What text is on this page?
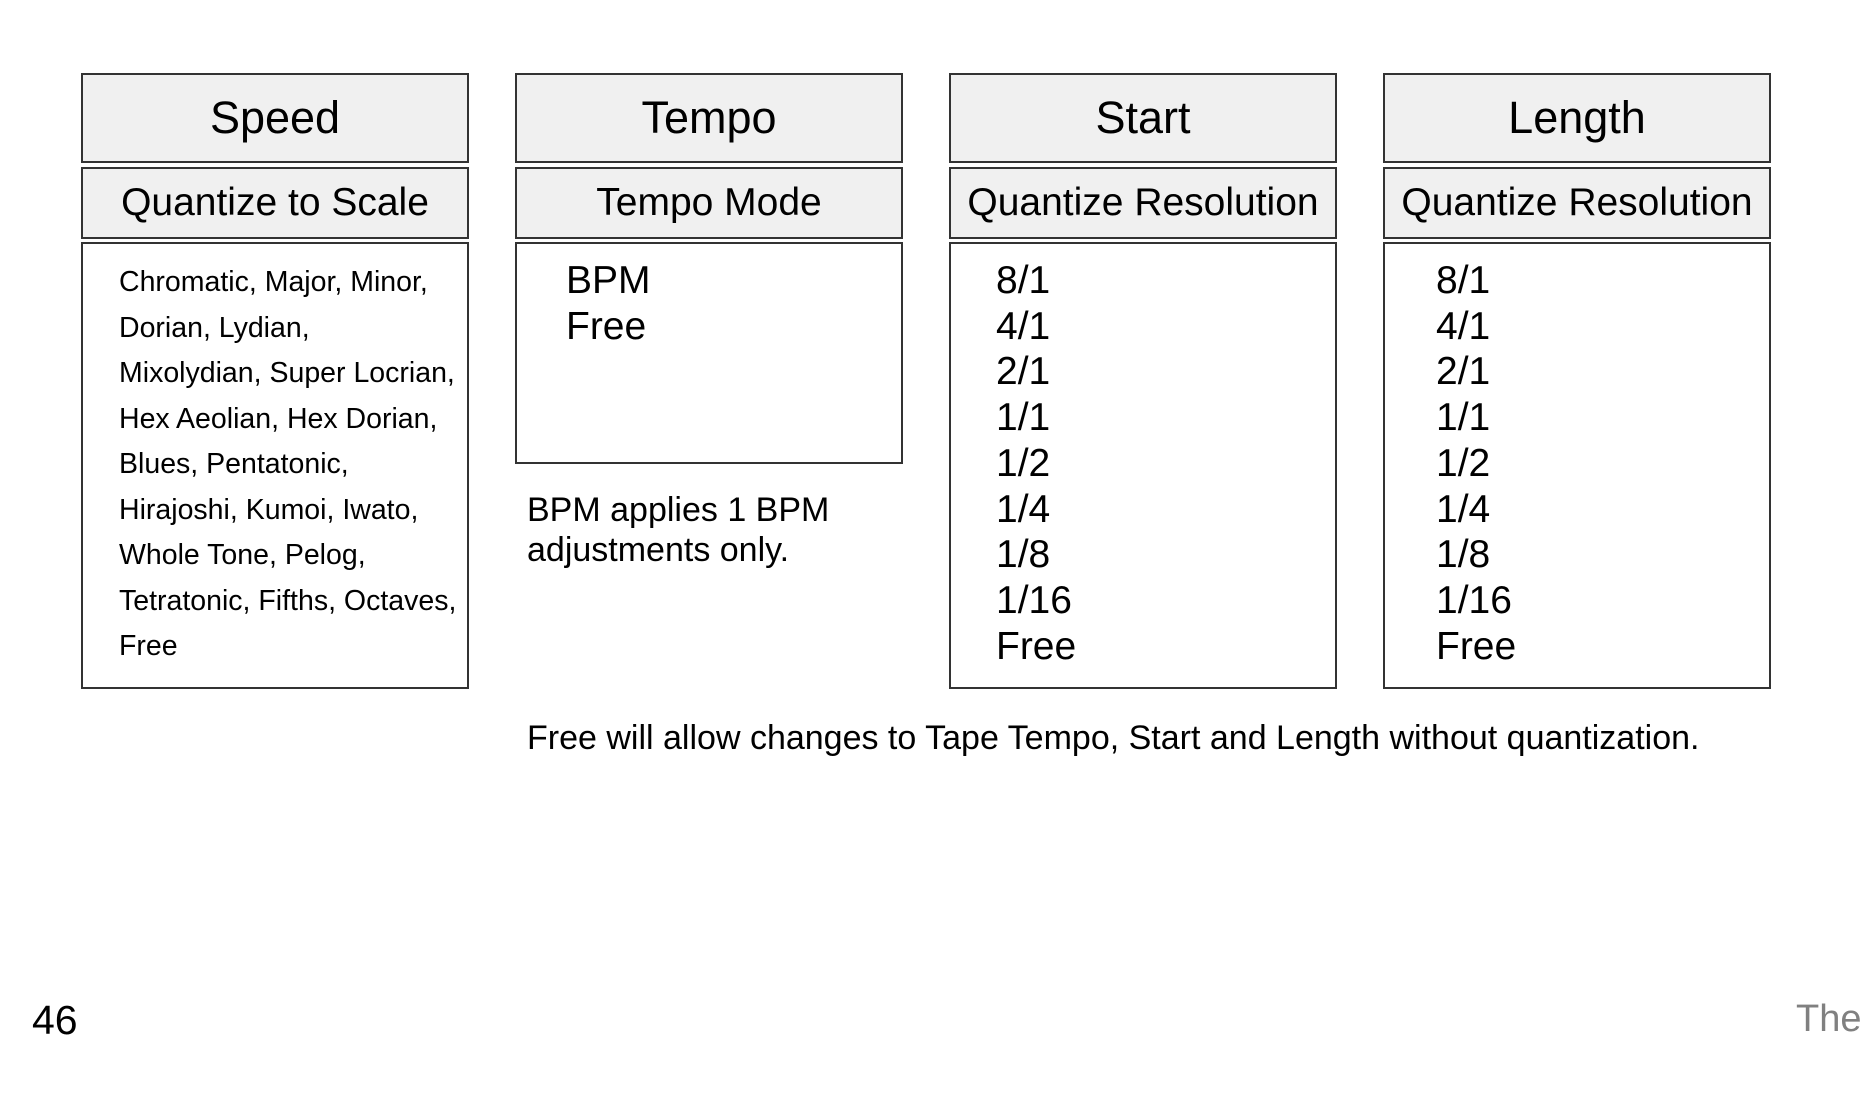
Speed
Quantize to Scale
Chromatic, Major, Minor, Dorian, Lydian, Mixolydian, Super Locrian, Hex Aeolian, Hex Dorian, Blues, Pentatonic, Hirajoshi, Kumoi, Iwato, Whole Tone, Pelog, Tetratonic, Fifths, Octaves, Free
Tempo
Tempo Mode
BPM
Free
BPM applies 1 BPM adjustments only.
Start
Quantize Resolution
8/1
4/1
2/1
1/1
1/2
1/4
1/8
1/16
Free
Length
Quantize Resolution
8/1
4/1
2/1
1/1
1/2
1/4
1/8
1/16
Free
Free will allow changes to Tape Tempo, Start and Length without quantization.
46	The
